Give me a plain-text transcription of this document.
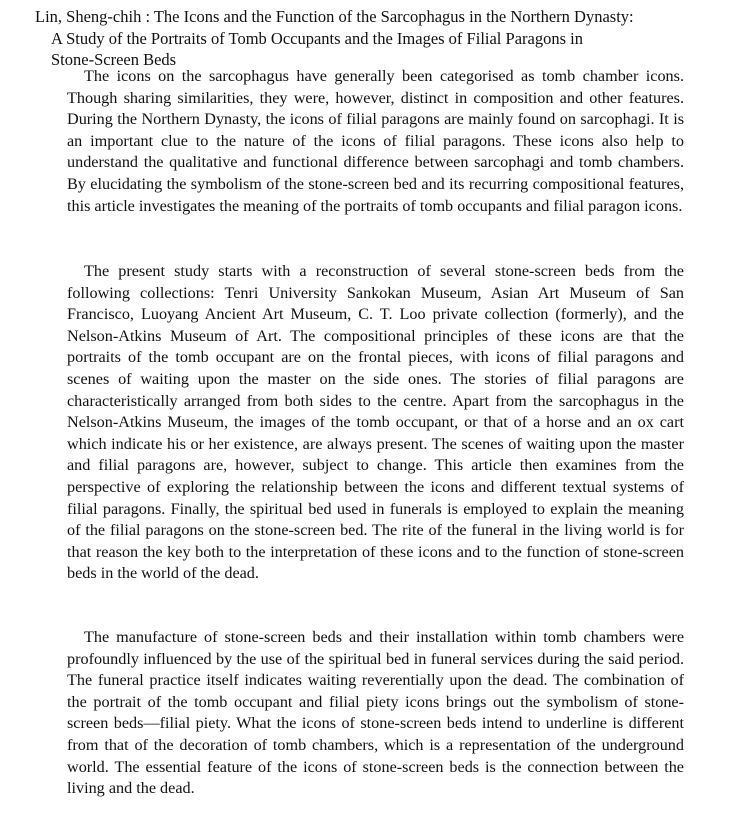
Lin, Sheng-chih : The Icons and the Function of the Sarcophagus in the Northern Dynasty:
A Study of the Portraits of Tomb Occupants and the Images of Filial Paragons in
Stone-Screen Beds

The icons on the sarcophagus have generally been categorised as tomb chamber icons. Though sharing similarities, they were, however, distinct in composition and other features. During the Northern Dynasty, the icons of filial paragons are mainly found on sarcophagi. It is an important clue to the nature of the icons of filial paragons. These icons also help to understand the qualitative and functional difference between sarcophagi and tomb chambers. By elucidating the symbolism of the stone-screen bed and its recurring compositional features, this article investigates the meaning of the portraits of tomb occupants and filial paragon icons.

The present study starts with a reconstruction of several stone-screen beds from the following collections: Tenri University Sankokan Museum, Asian Art Museum of San Francisco, Luoyang Ancient Art Museum, C. T. Loo private collection (formerly), and the Nelson-Atkins Museum of Art. The compositional principles of these icons are that the portraits of the tomb occupant are on the frontal pieces, with icons of filial paragons and scenes of waiting upon the master on the side ones. The stories of filial paragons are characteristically arranged from both sides to the centre. Apart from the sarcophagus in the Nelson-Atkins Museum, the images of the tomb occupant, or that of a horse and an ox cart which indicate his or her existence, are always present. The scenes of waiting upon the master and filial paragons are, however, subject to change. This article then examines from the perspective of exploring the relationship between the icons and different textual systems of filial paragons. Finally, the spiritual bed used in funerals is employed to explain the meaning of the filial paragons on the stone-screen bed. The rite of the funeral in the living world is for that reason the key both to the interpretation of these icons and to the function of stone-screen beds in the world of the dead.

The manufacture of stone-screen beds and their installation within tomb chambers were profoundly influenced by the use of the spiritual bed in funeral services during the said period. The funeral practice itself indicates waiting reverentially upon the dead. The combination of the portrait of the tomb occupant and filial piety icons brings out the symbolism of stone-screen beds—filial piety. What the icons of stone-screen beds intend to underline is different from that of the decoration of tomb chambers, which is a representation of the underground world. The essential feature of the icons of stone-screen beds is the connection between the living and the dead.
